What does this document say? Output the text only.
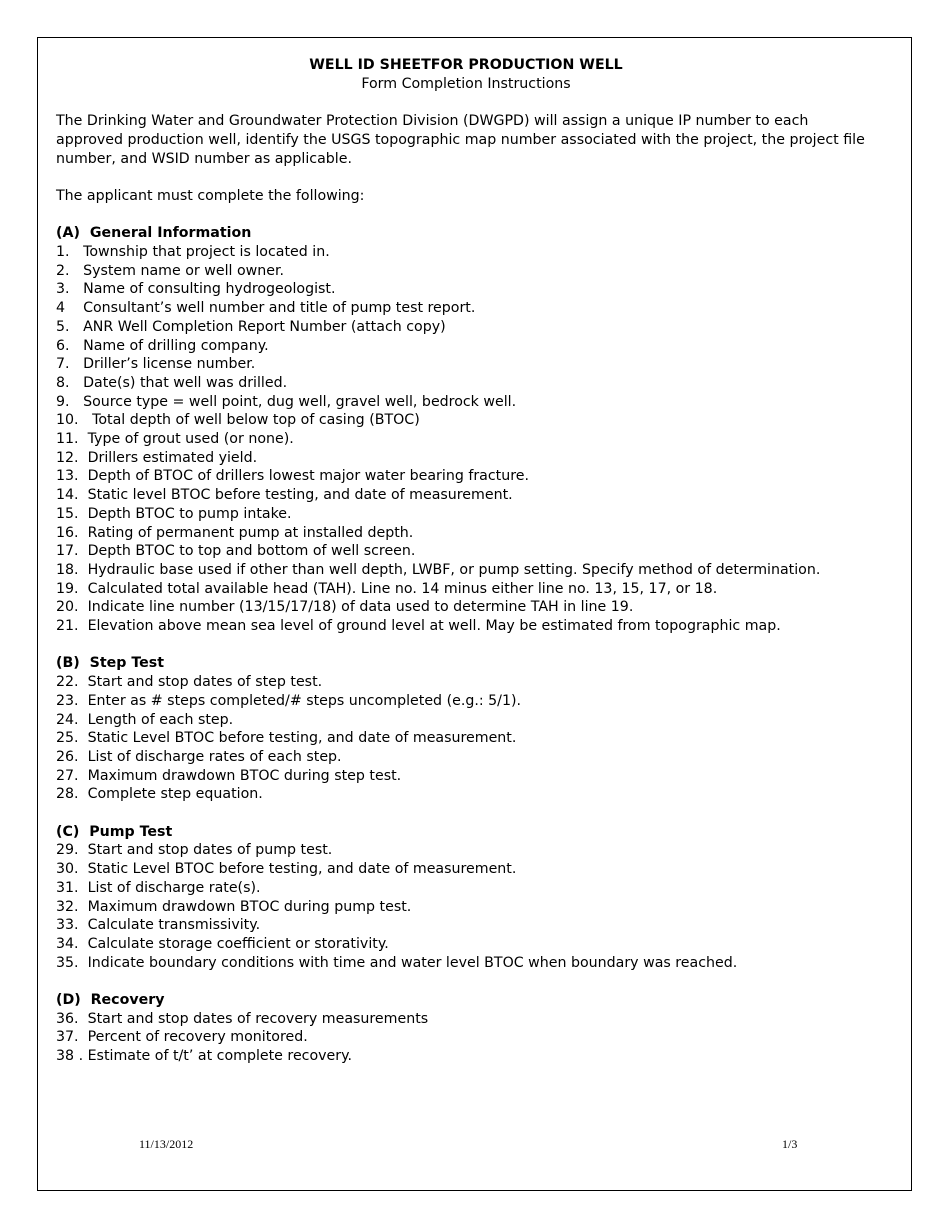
WELL ID SHEETFOR PRODUCTION WELL
Form Completion Instructions

The Drinking Water and Groundwater Protection Division (DWGPD) will assign a unique IP number to each approved production well, identify the USGS topographic map number associated with the project, the project file number, and WSID number as applicable.

The applicant must complete the following:

(A)  General Information
1. Township that project is located in.
2. System name or well owner.
3. Name of consulting hydrogeologist.
4 Consultant’s well number and title of pump test report.
5. ANR Well Completion Report Number (attach copy)
6. Name of drilling company.
7. Driller’s license number.
8. Date(s) that well was drilled.
9. Source type = well point, dug well, gravel well, bedrock well.
10. Total depth of well below top of casing (BTOC)
11. Type of grout used (or none).
12. Drillers estimated yield.
13. Depth of BTOC of drillers lowest major water bearing fracture.
14. Static level BTOC before testing, and date of measurement.
15. Depth BTOC to pump intake.
16. Rating of permanent pump at installed depth.
17. Depth BTOC to top and bottom of well screen.
18. Hydraulic base used if other than well depth, LWBF, or pump setting. Specify method of determination.
19. Calculated total available head (TAH). Line no. 14 minus either line no. 13, 15, 17, or 18.
20. Indicate line number (13/15/17/18) of data used to determine TAH in line 19.
21. Elevation above mean sea level of ground level at well. May be estimated from topographic map.
(B)  Step Test
22. Start and stop dates of step test.
23. Enter as # steps completed/# steps uncompleted (e.g.: 5/1).
24. Length of each step.
25. Static Level BTOC before testing, and date of measurement.
26. List of discharge rates of each step.
27. Maximum drawdown BTOC during step test.
28. Complete step equation.
(C)  Pump Test
29. Start and stop dates of pump test.
30. Static Level BTOC before testing, and date of measurement.
31. List of discharge rate(s).
32. Maximum drawdown BTOC during pump test.
33. Calculate transmissivity.
34. Calculate storage coefficient or storativity.
35. Indicate boundary conditions with time and water level BTOC when boundary was reached.
(D)  Recovery
36. Start and stop dates of recovery measurements
37. Percent of recovery monitored.
38 . Estimate of t/t’ at complete recovery.
11/13/2012	1/3
